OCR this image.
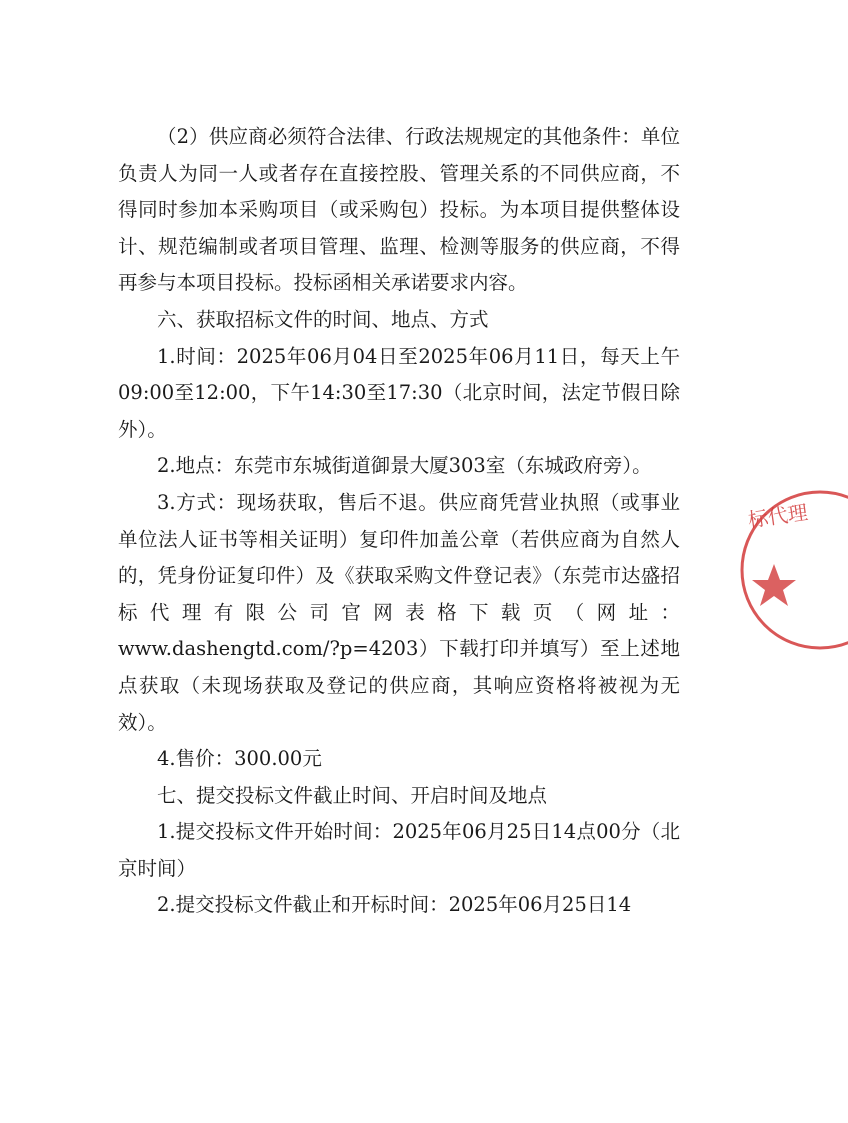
（2）供应商必须符合法律、行政法规规定的其他条件：单位负责人为同一人或者存在直接控股、管理关系的不同供应商，不得同时参加本采购项目（或采购包）投标。为本项目提供整体设计、规范编制或者项目管理、监理、检测等服务的供应商，不得再参与本项目投标。投标函相关承诺要求内容。

六、获取招标文件的时间、地点、方式

1.时间：2025年06月04日至2025年06月11日，每天上午09:00至12:00，下午14:30至17:30（北京时间，法定节假日除外）。

2.地点：东莞市东城街道御景大厦303室（东城政府旁）。

3.方式：现场获取，售后不退。供应商凭营业执照（或事业单位法人证书等相关证明）复印件加盖公章（若供应商为自然人的，凭身份证复印件）及《获取采购文件登记表》（东莞市达盛招标代理有限公司官网表格下载页（网址：www.dashengtd.com/?p=4203）下载打印并填写）至上述地点获取（未现场获取及登记的供应商，其响应资格将被视为无效）。

4.售价：300.00元

七、提交投标文件截止时间、开启时间及地点

1.提交投标文件开始时间：2025年06月25日14点00分（北京时间）

2.提交投标文件截止和开标时间：2025年06月25日14

标代理
